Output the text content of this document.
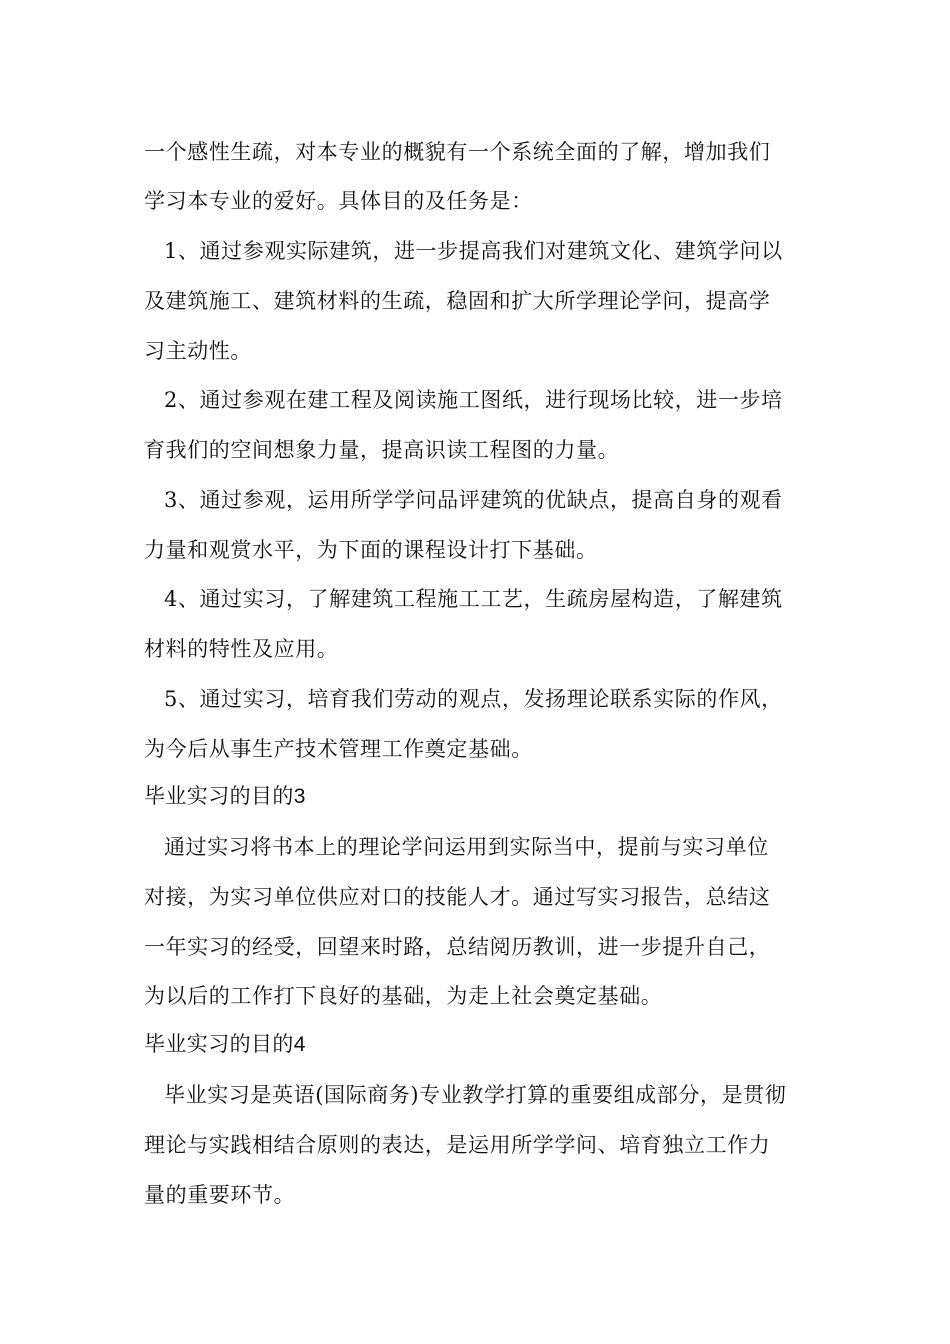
一个感性生疏，对本专业的概貌有一个系统全面的了解，增加我们
学习本专业的爱好。具体目的及任务是：
1、通过参观实际建筑，进一步提高我们对建筑文化、建筑学问以
及建筑施工、建筑材料的生疏，稳固和扩大所学理论学问，提高学
习主动性。
2、通过参观在建工程及阅读施工图纸，进行现场比较，进一步培
育我们的空间想象力量，提高识读工程图的力量。
3、通过参观，运用所学学问品评建筑的优缺点，提高自身的观看
力量和观赏水平，为下面的课程设计打下基础。
4、通过实习，了解建筑工程施工工艺，生疏房屋构造，了解建筑
材料的特性及应用。
5、通过实习，培育我们劳动的观点，发扬理论联系实际的作风，
为今后从事生产技术管理工作奠定基础。
毕业实习的目的3
通过实习将书本上的理论学问运用到实际当中，提前与实习单位
对接，为实习单位供应对口的技能人才。通过写实习报告，总结这
一年实习的经受，回望来时路，总结阅历教训，进一步提升自己，
为以后的工作打下良好的基础，为走上社会奠定基础。
毕业实习的目的4
毕业实习是英语(国际商务)专业教学打算的重要组成部分，是贯彻
理论与实践相结合原则的表达，是运用所学学问、培育独立工作力
量的重要环节。
